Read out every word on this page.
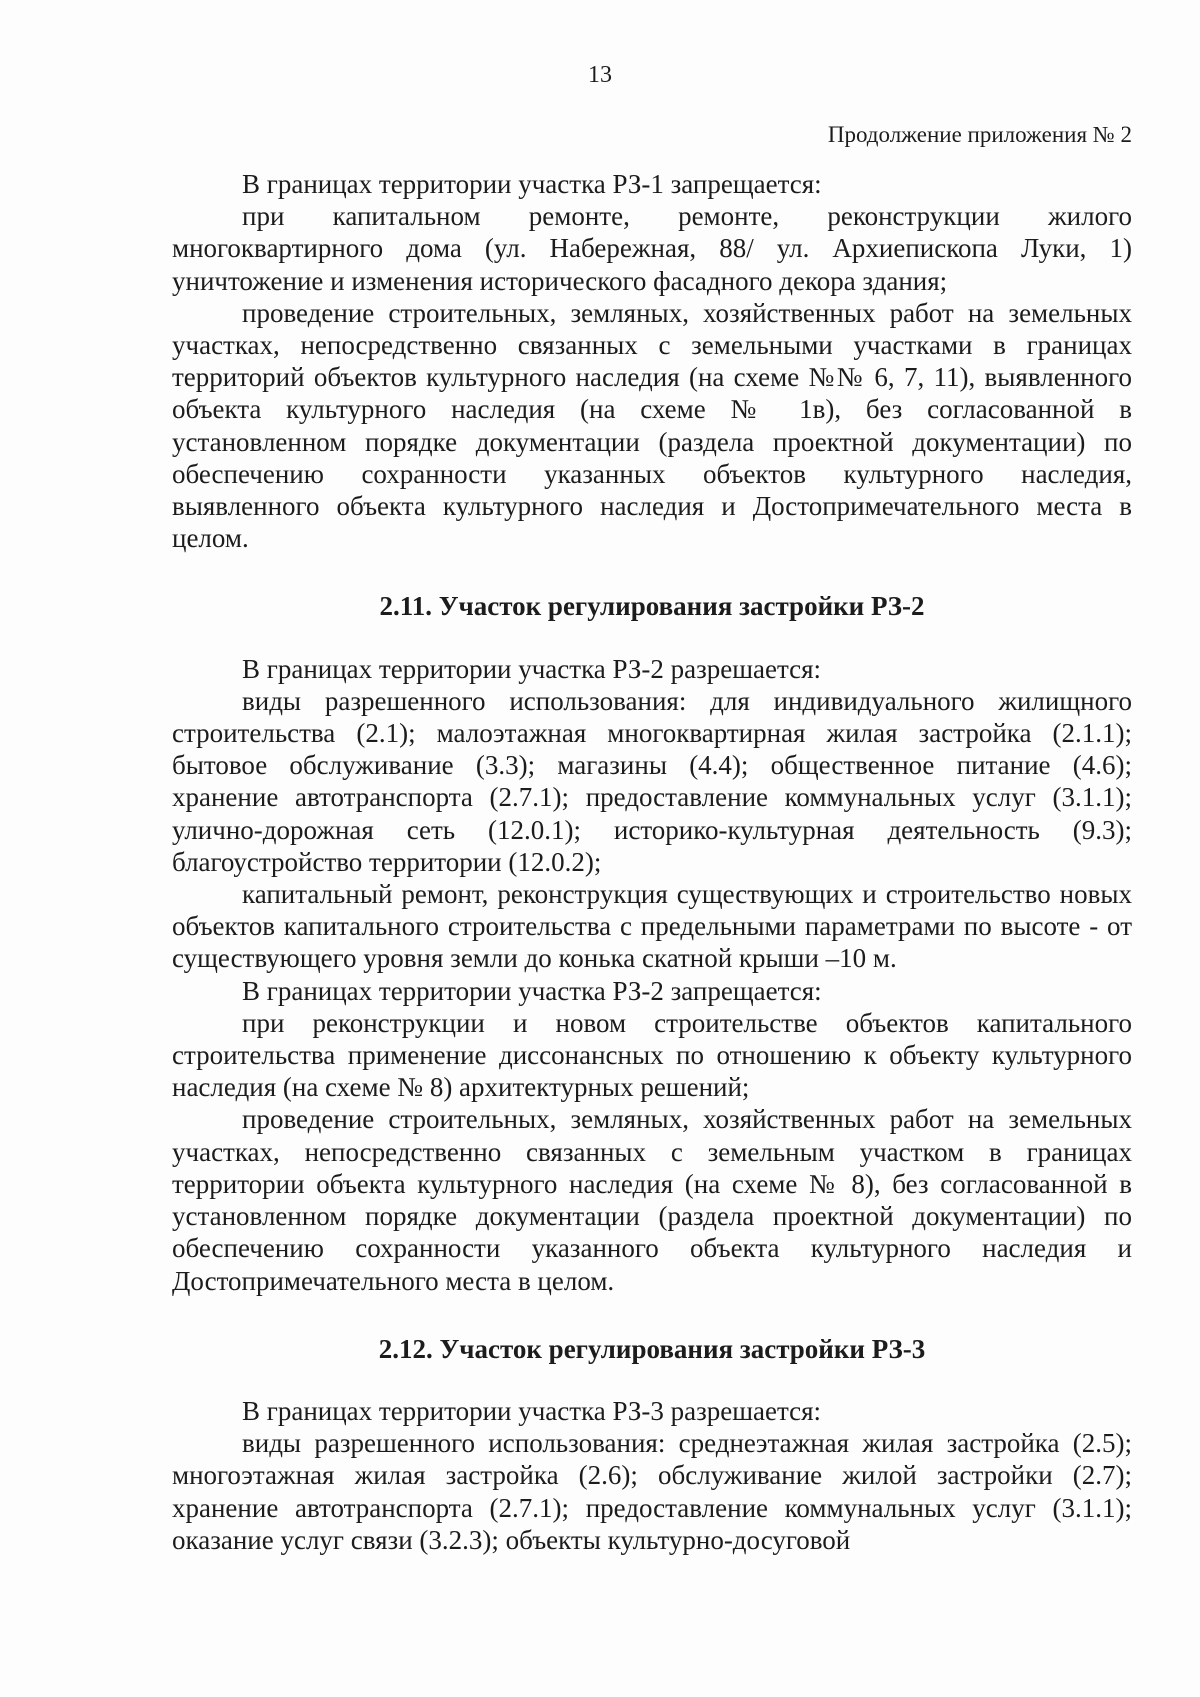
13
Продолжение приложения № 2

В границах территории участка РЗ-1 запрещается:

при капитальном ремонте, ремонте, реконструкции жилого многоквартирного дома (ул. Набережная, 88/ ул. Архиепископа Луки, 1) уничтожение и изменения исторического фасадного декора здания;

проведение строительных, земляных, хозяйственных работ на земельных участках, непосредственно связанных с земельными участками в границах территорий объектов культурного наследия (на схеме №№ 6, 7, 11), выявленного объекта культурного наследия (на схеме № 1в), без согласованной в установленном порядке документации (раздела проектной документации) по обеспечению сохранности указанных объектов культурного наследия, выявленного объекта культурного наследия и Достопримечательного места в целом.

2.11. Участок регулирования застройки РЗ-2

В границах территории участка РЗ-2 разрешается:

виды разрешенного использования: для индивидуального жилищного строительства (2.1); малоэтажная многоквартирная жилая застройка (2.1.1); бытовое обслуживание (3.3); магазины (4.4); общественное питание (4.6); хранение автотранспорта (2.7.1); предоставление коммунальных услуг (3.1.1); улично-дорожная сеть (12.0.1); историко-культурная деятельность (9.3); благоустройство территории (12.0.2);

капитальный ремонт, реконструкция существующих и строительство новых объектов капитального строительства с предельными параметрами по высоте - от существующего уровня земли до конька скатной крыши –10 м.

В границах территории участка РЗ-2 запрещается:

при реконструкции и новом строительстве объектов капитального строительства применение диссонансных по отношению к объекту культурного наследия (на схеме № 8) архитектурных решений;

проведение строительных, земляных, хозяйственных работ на земельных участках, непосредственно связанных с земельным участком в границах территории объекта культурного наследия (на схеме № 8), без согласованной в установленном порядке документации (раздела проектной документации) по обеспечению сохранности указанного объекта культурного наследия и Достопримечательного места в целом.

2.12. Участок регулирования застройки РЗ-3

В границах территории участка РЗ-3 разрешается:

виды разрешенного использования: среднеэтажная жилая застройка (2.5); многоэтажная жилая застройка (2.6); обслуживание жилой застройки (2.7); хранение автотранспорта (2.7.1); предоставление коммунальных услуг (3.1.1); оказание услуг связи (3.2.3); объекты культурно-досуговой
